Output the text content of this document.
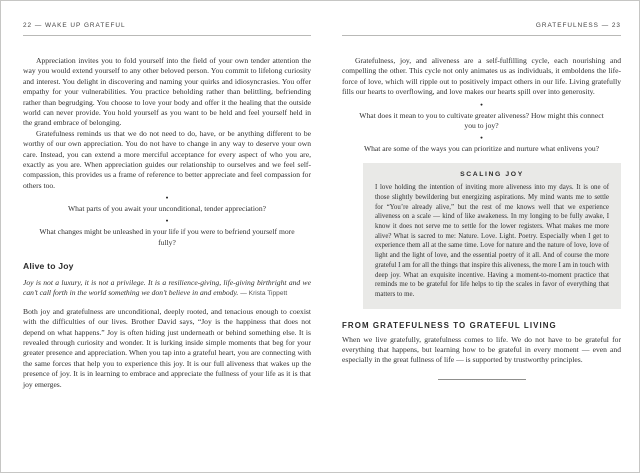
22 — WAKE UP GRATEFUL

Appreciation invites you to fold yourself into the field of your own tender attention the way you would extend yourself to any other beloved person. You commit to lifelong curiosity and interest. You delight in discovering and naming your quirks and idiosyncrasies. You offer empathy for your vulnerabilities. You practice beholding rather than belittling, befriending rather than begrudging. You choose to love your body and offer it the healing that the outside world can never provide. You hold yourself as you want to be held and feel yourself held in the grand embrace of belonging.

Gratefulness reminds us that we do not need to do, have, or be anything different to be worthy of our own appreciation. You do not have to change in any way to deserve your own care. Instead, you can extend a more merciful acceptance for every aspect of who you are, exactly as you are. When appreciation guides our relationship to ourselves and we feel self-compassion, this provides us a frame of reference to better appreciate and feel compassion for others too.

●

What parts of you await your unconditional, tender appreciation?

●

What changes might be unleashed in your life if you were to befriend yourself more fully?

Alive to Joy

Joy is not a luxury, it is not a privilege. It is a resilience-giving, life-giving birthright and we can’t call forth in the world something we don’t believe in and embody. — Krista Tippett

Both joy and gratefulness are unconditional, deeply rooted, and tenacious enough to coexist with the difficulties of our lives. Brother David says, “Joy is the happiness that does not depend on what happens.” Joy is often hiding just underneath or behind something else. It is revealed through curiosity and wonder. It is lurking inside simple moments that beg for your greater presence and appreciation. When you tap into a grateful heart, you are connecting with the same forces that help you to experience this joy. It is our full aliveness that wakes up the presence of joy. It is in learning to embrace and appreciate the fullness of your life as it is that joy emerges.

GRATEFULNESS — 23

Gratefulness, joy, and aliveness are a self-fulfilling cycle, each nourishing and compelling the other. This cycle not only animates us as individuals, it emboldens the life-force of love, which will ripple out to positively impact others in our life. Living gratefully fills our hearts to overflowing, and love makes our hearts spill over into generosity.

●

What does it mean to you to cultivate greater aliveness? How might this connect you to joy?

●

What are some of the ways you can prioritize and nurture what enlivens you?

SCALING JOY
I love holding the intention of inviting more aliveness into my days. It is one of those slightly bewildering but energizing aspirations. My mind wants me to settle for “You’re already alive,” but the rest of me knows well that we experience aliveness on a scale — kind of like awakeness. In my longing to be fully awake, I know it does not serve me to settle for the lower registers. What makes me more alive? What is sacred to me: Nature. Love. Light. Poetry. Especially when I get to experience them all at the same time. Love for nature and the nature of love, love of light and the light of love, and the essential poetry of it all. And of course the more grateful I am for all the things that inspire this aliveness, the more I am in touch with deep joy. What an exquisite incentive. Having a moment-to-moment practice that reminds me to be grateful for life helps to tip the scales in favor of everything that matters to me.
FROM GRATEFULNESS TO GRATEFUL LIVING

When we live gratefully, gratefulness comes to life. We do not have to be grateful for everything that happens, but learning how to be grateful in every moment — even and especially in the great fullness of life — is supported by trustworthy principles.
